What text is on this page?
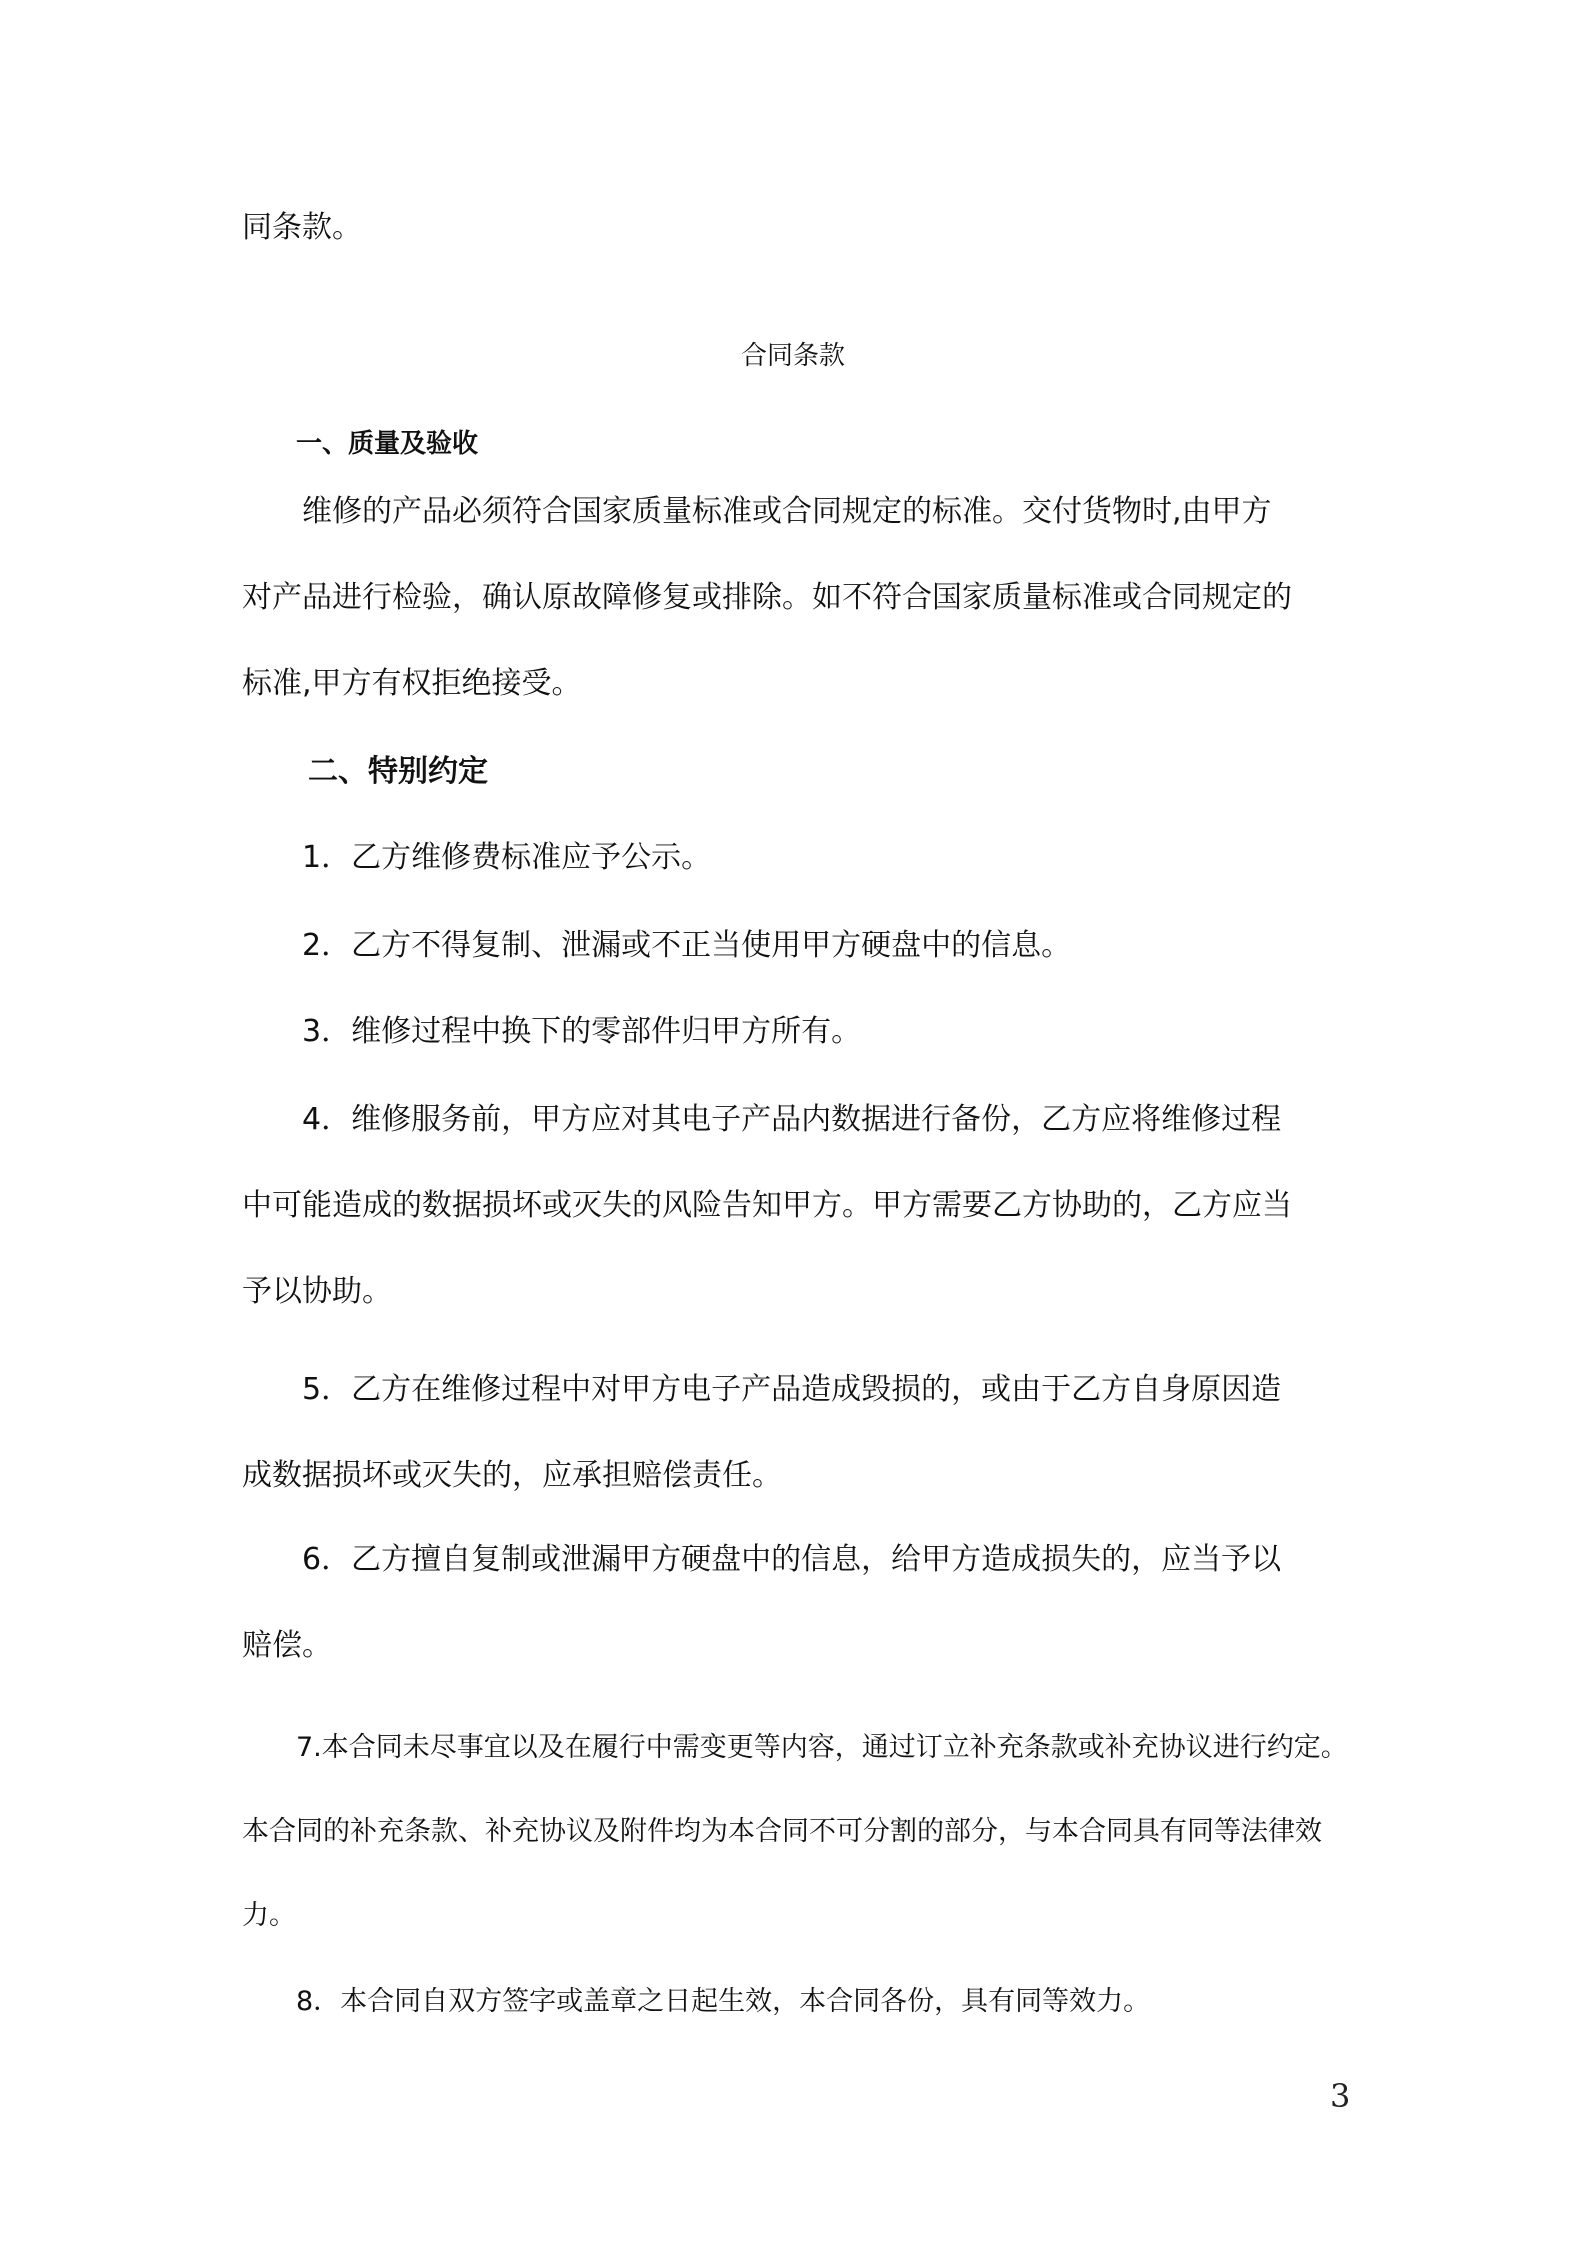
同条款。

合同条款

一、质量及验收

维修的产品必须符合国家质量标准或合同规定的标准。交付货物时,由甲方

对产品进行检验，确认原故障修复或排除。如不符合国家质量标准或合同规定的

标准,甲方有权拒绝接受。

二、特别约定

1．乙方维修费标准应予公示。

2．乙方不得复制、泄漏或不正当使用甲方硬盘中的信息。

3．维修过程中换下的零部件归甲方所有。

4．维修服务前，甲方应对其电子产品内数据进行备份，乙方应将维修过程

中可能造成的数据损坏或灭失的风险告知甲方。甲方需要乙方协助的，乙方应当

予以协助。

5．乙方在维修过程中对甲方电子产品造成毁损的，或由于乙方自身原因造

成数据损坏或灭失的，应承担赔偿责任。

6．乙方擅自复制或泄漏甲方硬盘中的信息，给甲方造成损失的，应当予以

赔偿。

7.本合同未尽事宜以及在履行中需变更等内容，通过订立补充条款或补充协议进行约定。

本合同的补充条款、补充协议及附件均为本合同不可分割的部分，与本合同具有同等法律效

力。

8．本合同自双方签字或盖章之日起生效，本合同各份，具有同等效力。

3
